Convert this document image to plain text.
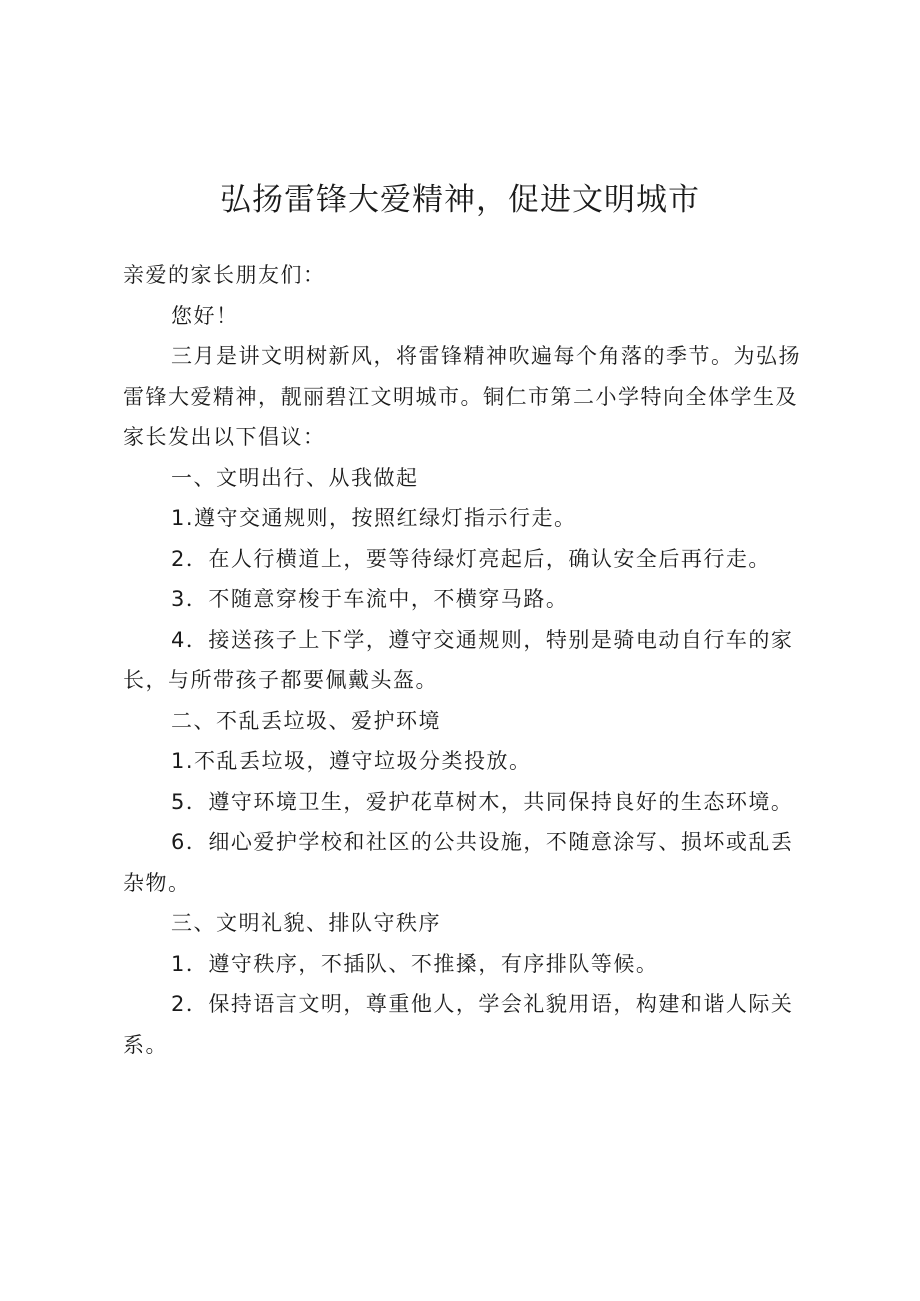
弘扬雷锋大爱精神，促进文明城市

亲爱的家长朋友们：

您好！

三月是讲文明树新风，将雷锋精神吹遍每个角落的季节。为弘扬雷锋大爱精神，靓丽碧江文明城市。铜仁市第二小学特向全体学生及家长发出以下倡议：

一、文明出行、从我做起

1.遵守交通规则，按照红绿灯指示行走。

2．在人行横道上，要等待绿灯亮起后，确认安全后再行走。

3．不随意穿梭于车流中，不横穿马路。

4．接送孩子上下学，遵守交通规则，特别是骑电动自行车的家长，与所带孩子都要佩戴头盔。

二、不乱丢垃圾、爱护环境

1.不乱丢垃圾，遵守垃圾分类投放。

5．遵守环境卫生，爱护花草树木，共同保持良好的生态环境。

6．细心爱护学校和社区的公共设施，不随意涂写、损坏或乱丢杂物。

三、文明礼貌、排队守秩序

1．遵守秩序，不插队、不推搡，有序排队等候。

2．保持语言文明，尊重他人，学会礼貌用语，构建和谐人际关系。
